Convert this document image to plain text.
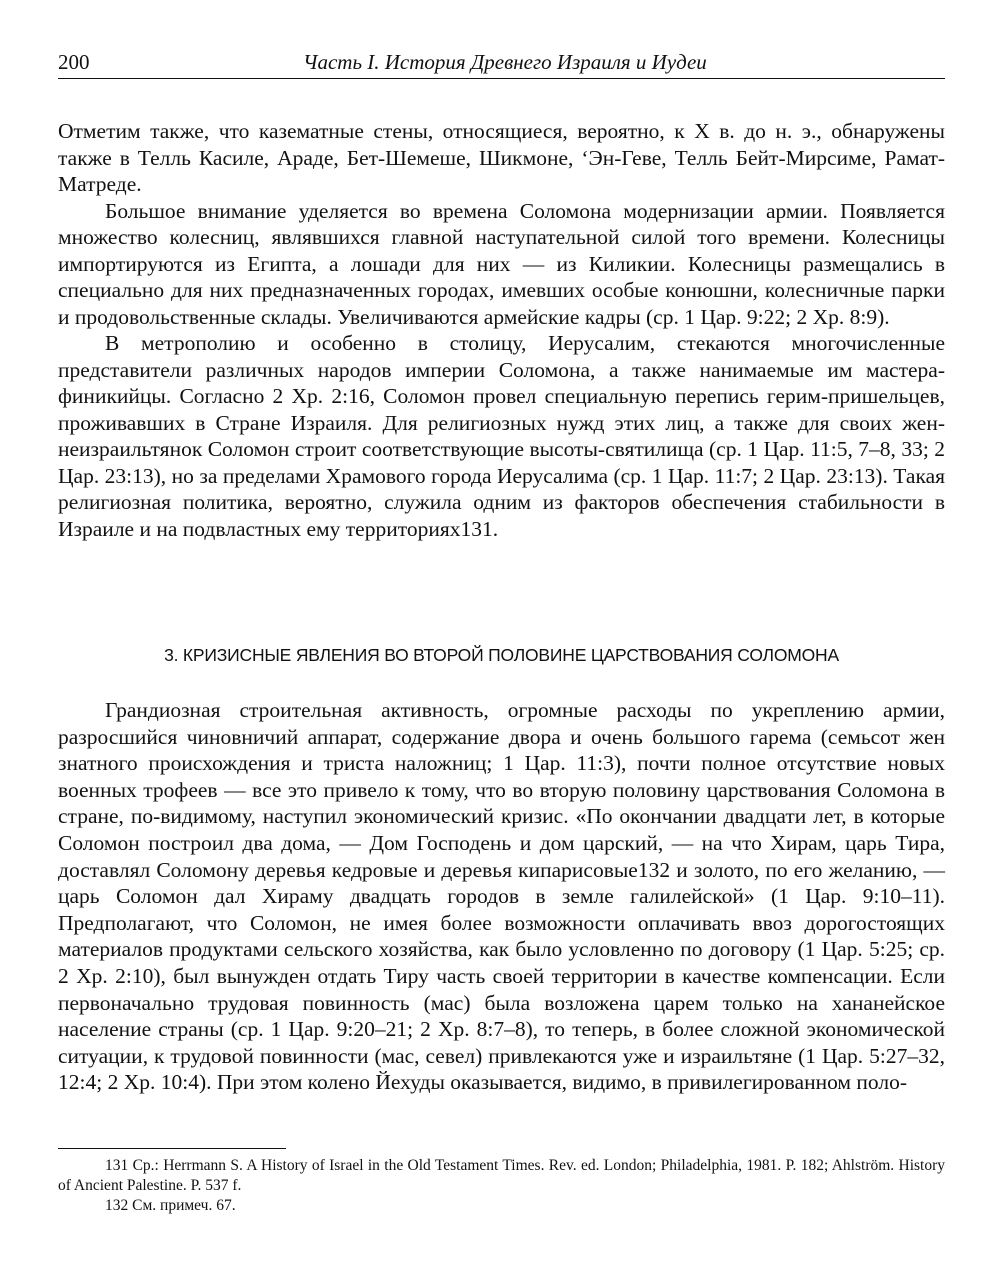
200	Часть I. История Древнего Израиля и Иудеи

Отметим также, что казематные стены, относящиеся, вероятно, к X в. до н. э., обнаружены также в Телль Касиле, Араде, Бет-Шемеше, Шикмоне, ‘Эн-Геве, Телль Бейт-Мирсиме, Рамат-Матреде.

Большое внимание уделяется во времена Соломона модернизации армии. Появляется множество колесниц, являвшихся главной наступательной силой того времени. Колесницы импортируются из Египта, а лошади для них — из Киликии. Колесницы размещались в специально для них предназначенных городах, имевших особые конюшни, колесничные парки и продовольственные склады. Увеличиваются армейские кадры (ср. 1 Цар. 9:22; 2 Хр. 8:9).

В метрополию и особенно в столицу, Иерусалим, стекаются многочисленные представители различных народов империи Соломона, а также нанимаемые им мастера-финикийцы. Согласно 2 Хр. 2:16, Соломон провел специальную перепись герим-пришельцев, проживавших в Стране Израиля. Для религиозных нужд этих лиц, а также для своих жен-неизраильтянок Соломон строит соответствующие высоты-святилища (ср. 1 Цар. 11:5, 7–8, 33; 2 Цар. 23:13), но за пределами Храмового города Иерусалима (ср. 1 Цар. 11:7; 2 Цар. 23:13). Такая религиозная политика, вероятно, служила одним из факторов обеспечения стабильности в Израиле и на подвластных ему территориях131.

3. КРИЗИСНЫЕ ЯВЛЕНИЯ ВО ВТОРОЙ ПОЛОВИНЕ ЦАРСТВОВАНИЯ СОЛОМОНА

Грандиозная строительная активность, огромные расходы по укреплению армии, разросшийся чиновничий аппарат, содержание двора и очень большого гарема (семьсот жен знатного происхождения и триста наложниц; 1 Цар. 11:3), почти полное отсутствие новых военных трофеев — все это привело к тому, что во вторую половину царствования Соломона в стране, по-видимому, наступил экономический кризис. «По окончании двадцати лет, в которые Соломон построил два дома, — Дом Господень и дом царский, — на что Хирам, царь Тира, доставлял Соломону деревья кедровые и деревья кипарисовые132 и золото, по его желанию, — царь Соломон дал Хираму двадцать городов в земле галилейской» (1 Цар. 9:10–11). Предполагают, что Соломон, не имея более возможности оплачивать ввоз дорогостоящих материалов продуктами сельского хозяйства, как было условленно по договору (1 Цар. 5:25; ср. 2 Хр. 2:10), был вынужден отдать Тиру часть своей территории в качестве компенсации. Если первоначально трудовая повинность (мас) была возложена царем только на хананейское население страны (ср. 1 Цар. 9:20–21; 2 Хр. 8:7–8), то теперь, в более сложной экономической ситуации, к трудовой повинности (мас, севел) привлекаются уже и израильтяне (1 Цар. 5:27–32, 12:4; 2 Хр. 10:4). При этом колено Йехуды оказывается, видимо, в привилегированном поло-

131 Ср.: Herrmann S. A History of Israel in the Old Testament Times. Rev. ed. London; Philadelphia, 1981. P. 182; Ahlström. History of Ancient Palestine. P. 537 f.

132 См. примеч. 67.
